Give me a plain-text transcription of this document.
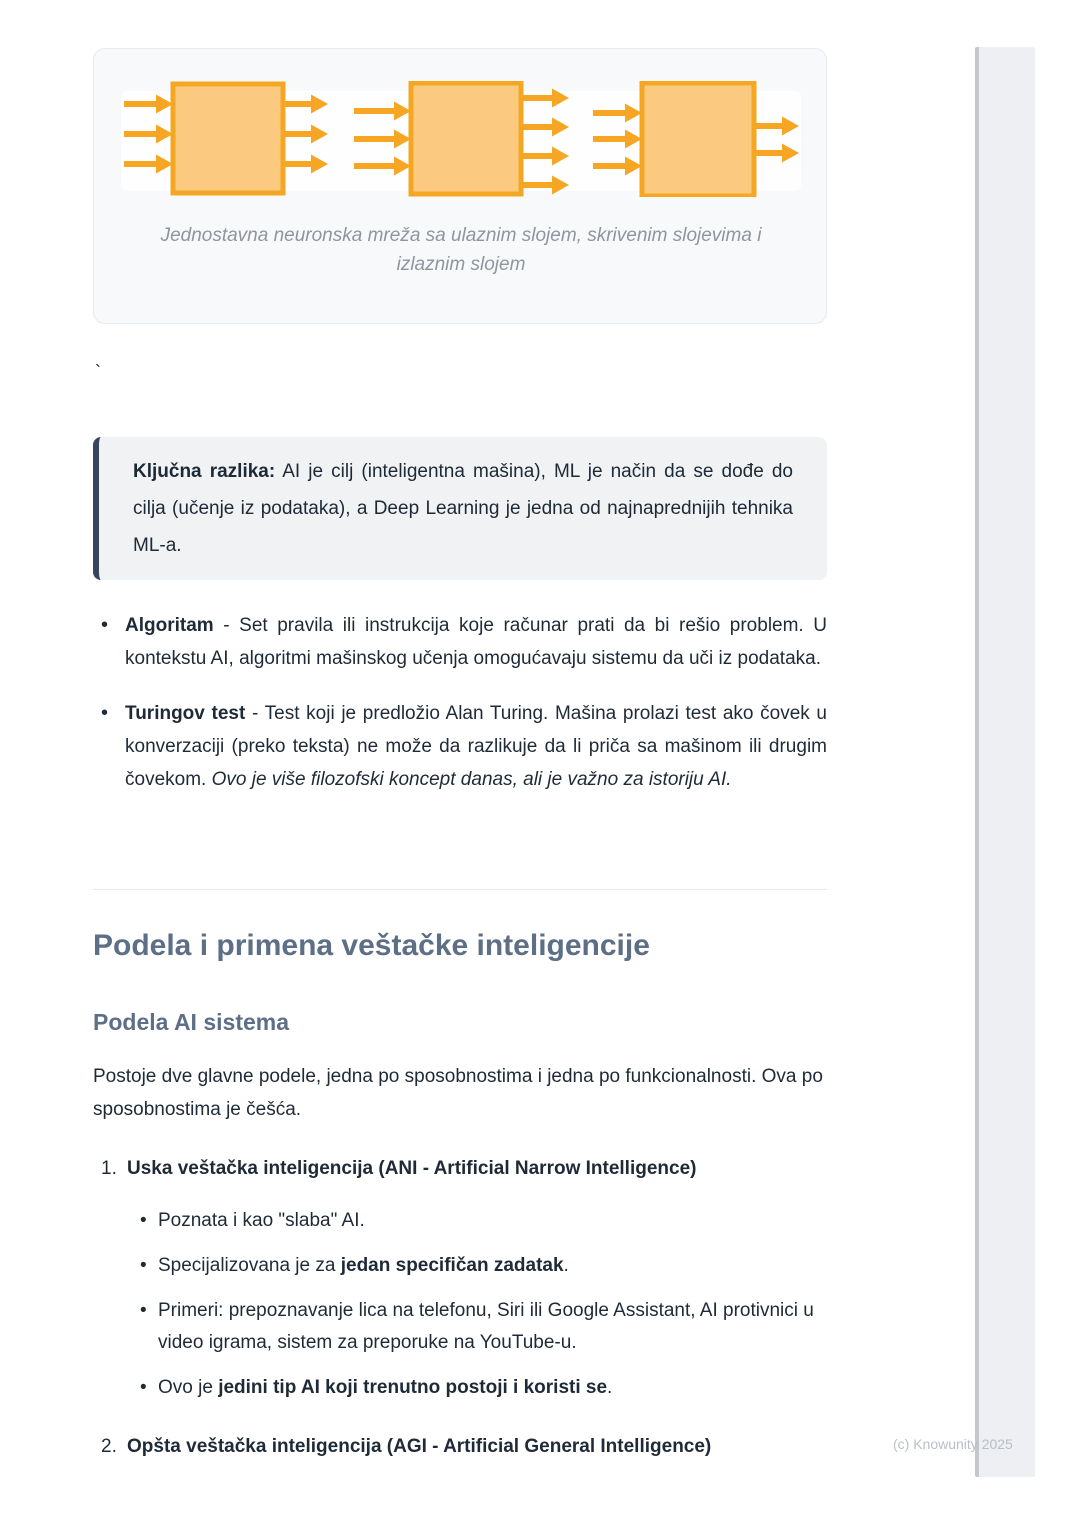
Jednostavna neuronska mreža sa ulaznim slojem, skrivenim slojevima i izlaznim slojem
`

Ključna razlika: AI je cilj (inteligentna mašina), ML je način da se dođe do cilja (učenje iz podataka), a Deep Learning je jedna od najnaprednijih tehnika ML-a.

• Algoritam - Set pravila ili instrukcija koje računar prati da bi rešio problem. U kontekstu AI, algoritmi mašinskog učenja omogućavaju sistemu da uči iz podataka.

• Turingov test - Test koji je predložio Alan Turing. Mašina prolazi test ako čovek u konverzaciji (preko teksta) ne može da razlikuje da li priča sa mašinom ili drugim čovekom. Ovo je više filozofski koncept danas, ali je važno za istoriju AI.

Podela i primena veštačke inteligencije
Podela AI sistema
Postoje dve glavne podele, jedna po sposobnostima i jedna po funkcionalnosti. Ova po sposobnostima je češća.
1. Uska veštačka inteligencija (ANI - Artificial Narrow Intelligence)
• Poznata i kao "slaba" AI.
• Specijalizovana je za jedan specifičan zadatak.
• Primeri: prepoznavanje lica na telefonu, Siri ili Google Assistant, AI protivnici u video igrama, sistem za preporuke na YouTube-u.
• Ovo je jedini tip AI koji trenutno postoji i koristi se.
2. Opšta veštačka inteligencija (AGI - Artificial General Intelligence)	(c) Knowunity 2025
